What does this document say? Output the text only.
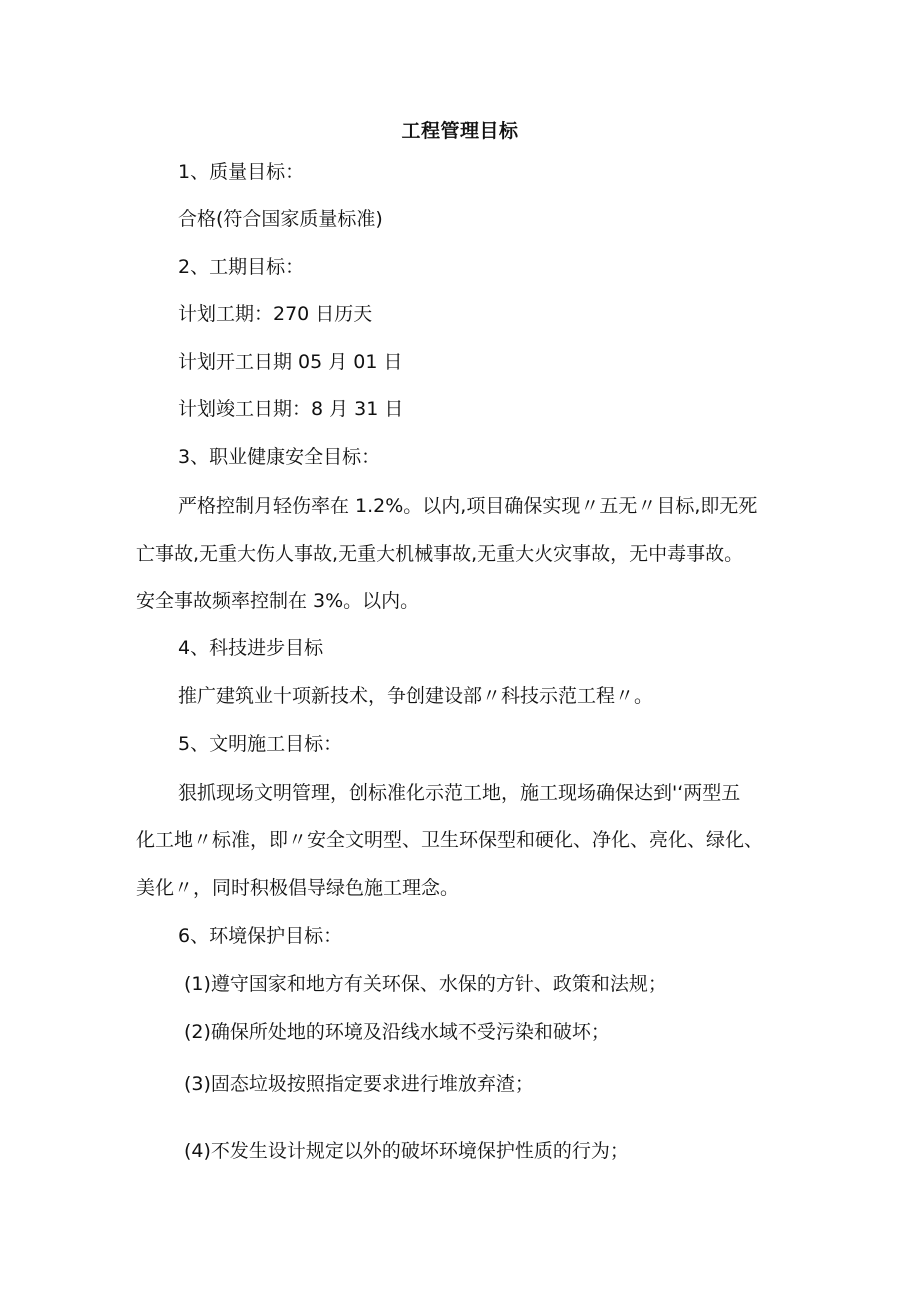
工程管理目标
1、质量目标：
合格(符合国家质量标准)
2、工期目标：
计划工期：270 日历天
计划开工日期 05 月 01 日
计划竣工日期：8 月 31 日
3、职业健康安全目标：
严格控制月轻伤率在 1.2%。以内,项目确保实现〃五无〃目标,即无死
亡事故,无重大伤人事故,无重大机械事故,无重大火灾事故，无中毒事故。
安全事故频率控制在 3%。以内。
4、科技进步目标
推广建筑业十项新技术，争创建设部〃科技示范工程〃。
5、文明施工目标：
狠抓现场文明管理，创标准化示范工地，施工现场确保达到'‘两型五
化工地〃标准，即〃安全文明型、卫生环保型和硬化、净化、亮化、绿化、
美化〃，同时积极倡导绿色施工理念。
6、环境保护目标：
(1)遵守国家和地方有关环保、水保的方针、政策和法规；
(2)确保所处地的环境及沿线水域不受污染和破坏；
(3)固态垃圾按照指定要求进行堆放弃渣；
(4)不发生设计规定以外的破坏环境保护性质的行为；
